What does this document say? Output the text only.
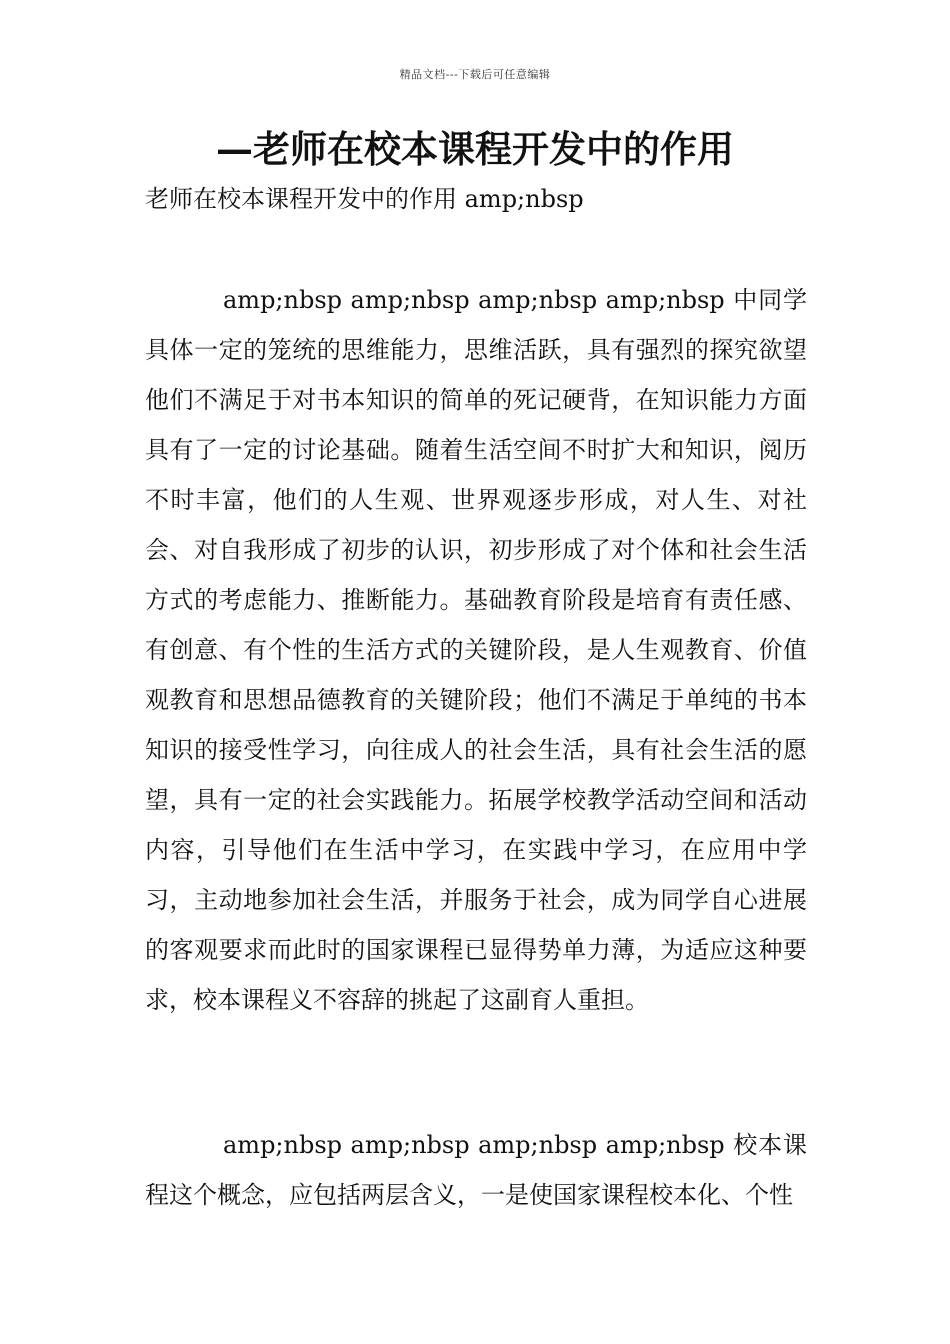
精品文档---下载后可任意编辑
—老师在校本课程开发中的作用

老师在校本课程开发中的作用 amp;nbsp

amp;nbsp amp;nbsp amp;nbsp amp;nbsp 中同学具体一定的笼统的思维能力，思维活跃，具有强烈的探究欲望他们不满足于对书本知识的简单的死记硬背，在知识能力方面具有了一定的讨论基础。随着生活空间不时扩大和知识，阅历不时丰富，他们的人生观、世界观逐步形成，对人生、对社会、对自我形成了初步的认识，初步形成了对个体和社会生活方式的考虑能力、推断能力。基础教育阶段是培育有责任感、有创意、有个性的生活方式的关键阶段，是人生观教育、价值观教育和思想品德教育的关键阶段；他们不满足于单纯的书本知识的接受性学习，向往成人的社会生活，具有社会生活的愿望，具有一定的社会实践能力。拓展学校教学活动空间和活动内容，引导他们在生活中学习，在实践中学习，在应用中学习，主动地参加社会生活，并服务于社会，成为同学自心进展的客观要求而此时的国家课程已显得势单力薄，为适应这种要求，校本课程义不容辞的挑起了这副育人重担。

amp;nbsp amp;nbsp amp;nbsp amp;nbsp 校本课程这个概念，应包括两层含义，一是使国家课程校本化、个性
